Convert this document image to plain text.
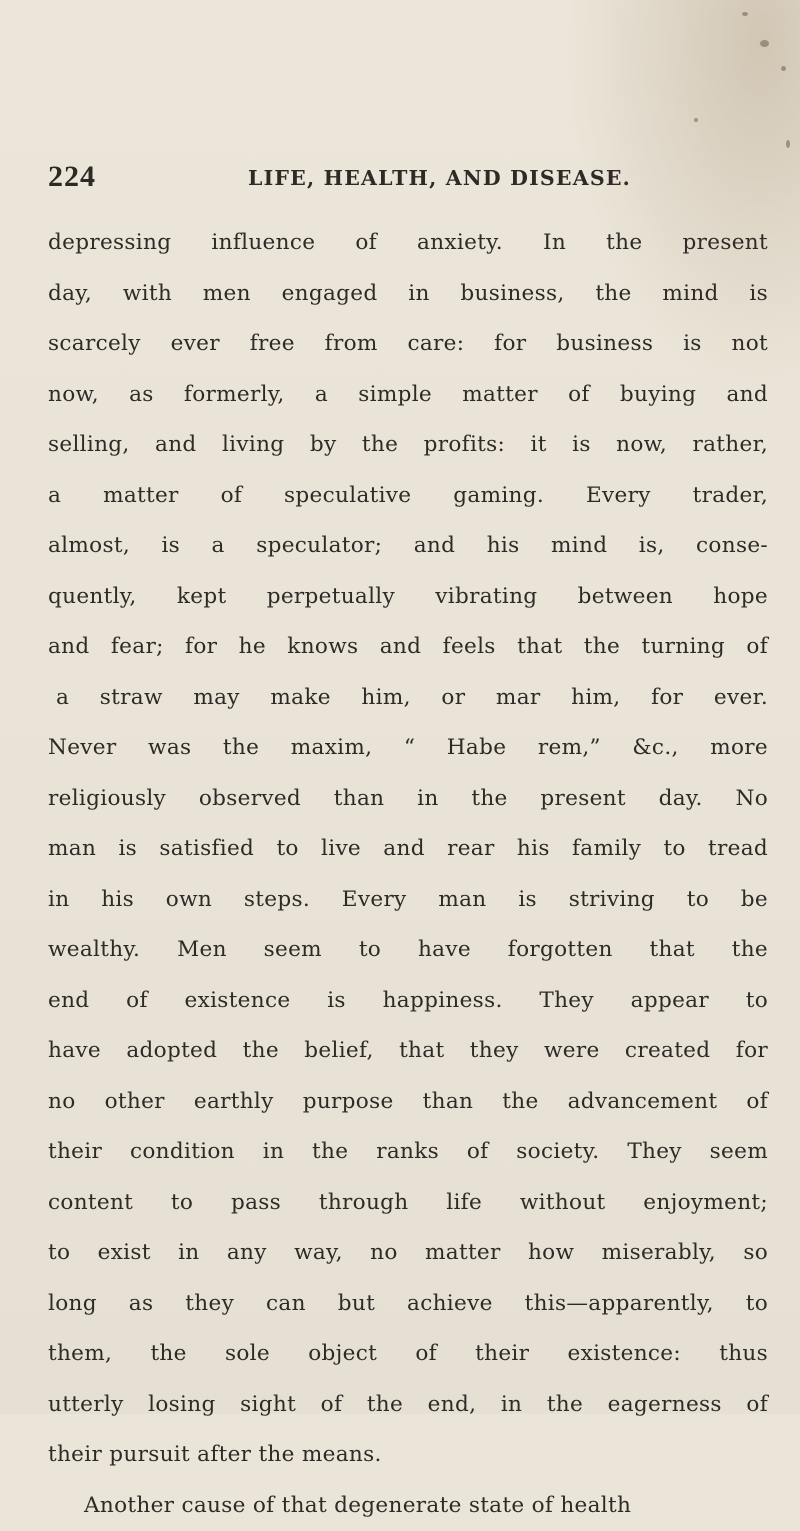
224	LIFE, HEALTH, AND DISEASE.
depressing influence of anxiety. In the present
day, with men engaged in business, the mind is
scarcely ever free from care: for business is not
now, as formerly, a simple matter of buying and
selling, and living by the profits: it is now, rather,
a matter of speculative gaming. Every trader,
almost, is a speculator; and his mind is, conse-
quently, kept perpetually vibrating between hope
and fear; for he knows and feels that the turning of
a straw may make him, or mar him, for ever.
Never was the maxim, “ Habe rem,” &c., more
religiously observed than in the present day. No
man is satisfied to live and rear his family to tread
in his own steps. Every man is striving to be
wealthy. Men seem to have forgotten that the
end of existence is happiness. They appear to
have adopted the belief, that they were created for
no other earthly purpose than the advancement of
their condition in the ranks of society. They seem
content to pass through life without enjoyment;
to exist in any way, no matter how miserably, so
long as they can but achieve this—apparently, to
them, the sole object of their existence: thus
utterly losing sight of the end, in the eagerness of
their pursuit after the means.
Another cause of that degenerate state of health
